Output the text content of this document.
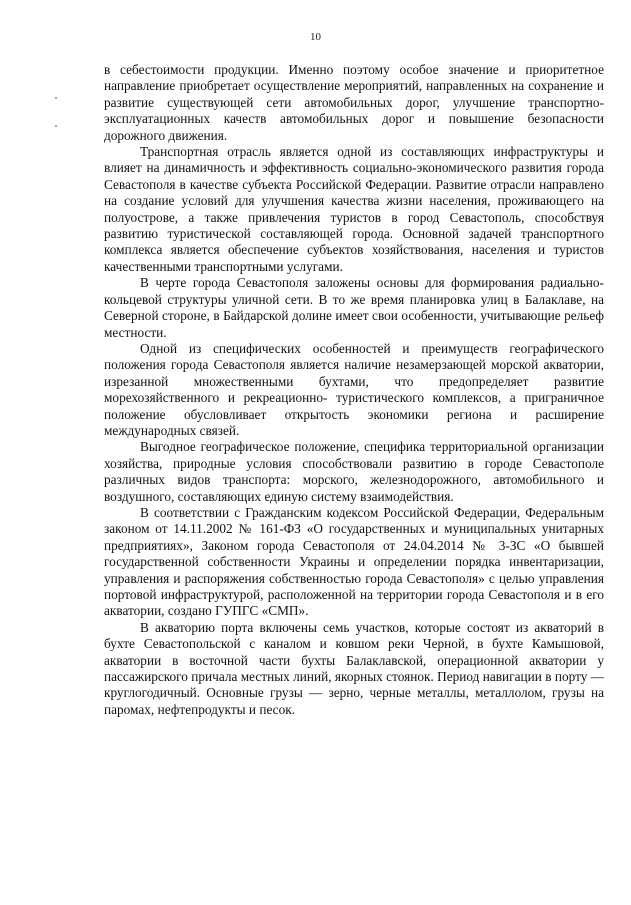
10

в себестоимости продукции. Именно поэтому особое значение и приоритетное направление приобретает осуществление мероприятий, направленных на сохранение и развитие существующей сети автомобильных дорог, улучшение транспортно-эксплуатационных качеств автомобильных дорог и повышение безопасности дорожного движения.

Транспортная отрасль является одной из составляющих инфраструктуры и влияет на динамичность и эффективность социально-экономического развития города Севастополя в качестве субъекта Российской Федерации. Развитие отрасли направлено на создание условий для улучшения качества жизни населения, проживающего на полуострове, а также привлечения туристов в город Севастополь, способствуя развитию туристической составляющей города. Основной задачей транспортного комплекса является обеспечение субъектов хозяйствования, населения и туристов качественными транспортными услугами.

В черте города Севастополя заложены основы для формирования радиально-кольцевой структуры уличной сети. В то же время планировка улиц в Балаклаве, на Северной стороне, в Байдарской долине имеет свои особенности, учитывающие рельеф местности.

Одной из специфических особенностей и преимуществ географического положения города Севастополя является наличие незамерзающей морской акватории, изрезанной множественными бухтами, что предопределяет развитие морехозяйственного и рекреационно- туристического комплексов, а приграничное положение обусловливает открытость экономики региона и расширение международных связей.

Выгодное географическое положение, специфика территориальной организации хозяйства, природные условия способствовали развитию в городе Севастополе различных видов транспорта: морского, железнодорожного, автомобильного и воздушного, составляющих единую систему взаимодействия.

В соответствии с Гражданским кодексом Российской Федерации, Федеральным законом от 14.11.2002 № 161-ФЗ «О государственных и муниципальных унитарных предприятиях», Законом города Севастополя от 24.04.2014 № 3-ЗС «О бывшей государственной собственности Украины и определении порядка инвентаризации, управления и распоряжения собственностью города Севастополя» с целью управления портовой инфраструктурой, расположенной на территории города Севастополя и в его акватории, создано ГУПГС «СМП».

В акваторию порта включены семь участков, которые состоят из акваторий в бухте Севастопольской с каналом и ковшом реки Черной, в бухте Камышовой, акватории в восточной части бухты Балаклавской, операционной акватории у пассажирского причала местных линий, якорных стоянок. Период навигации в порту — круглогодичный. Основные грузы — зерно, черные металлы, металлолом, грузы на паромах, нефтепродукты и песок.
